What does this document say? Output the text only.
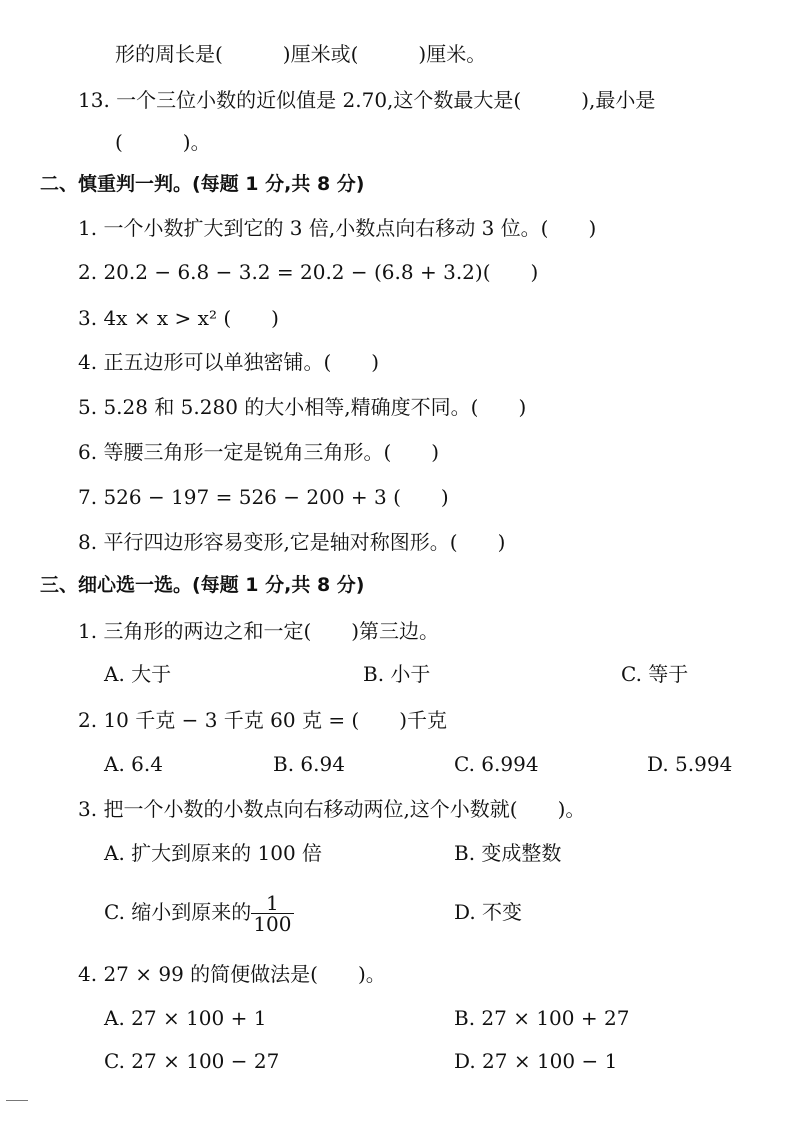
形的周长是(　　　)厘米或(　　　)厘米。
13. 一个三位小数的近似值是 2.70,这个数最大是(　　　),最小是
(　　　)。
二、慎重判一判。(每题 1 分,共 8 分)
1. 一个小数扩大到它的 3 倍,小数点向右移动 3 位。(　　)
2. 20.2 − 6.8 − 3.2 = 20.2 − (6.8 + 3.2)(　　)
3. 4x × x > x² (　　)
4. 正五边形可以单独密铺。(　　)
5. 5.28 和 5.280 的大小相等,精确度不同。(　　)
6. 等腰三角形一定是锐角三角形。(　　)
7. 526 − 197 = 526 − 200 + 3 (　　)
8. 平行四边形容易变形,它是轴对称图形。(　　)
三、细心选一选。(每题 1 分,共 8 分)
1. 三角形的两边之和一定(　　)第三边。
A. 大于	B. 小于	C. 等于
2. 10 千克 − 3 千克 60 克 = (　　)千克
A. 6.4	B. 6.94	C. 6.994	D. 5.994
3. 把一个小数的小数点向右移动两位,这个小数就(　　)。
A. 扩大到原来的 100 倍	B. 变成整数
C. 缩小到原来的 $\frac{1}{100}$	D. 不变
4. 27 × 99 的简便做法是(　　)。
A. 27 × 100 + 1	B. 27 × 100 + 27
C. 27 × 100 − 27	D. 27 × 100 − 1
